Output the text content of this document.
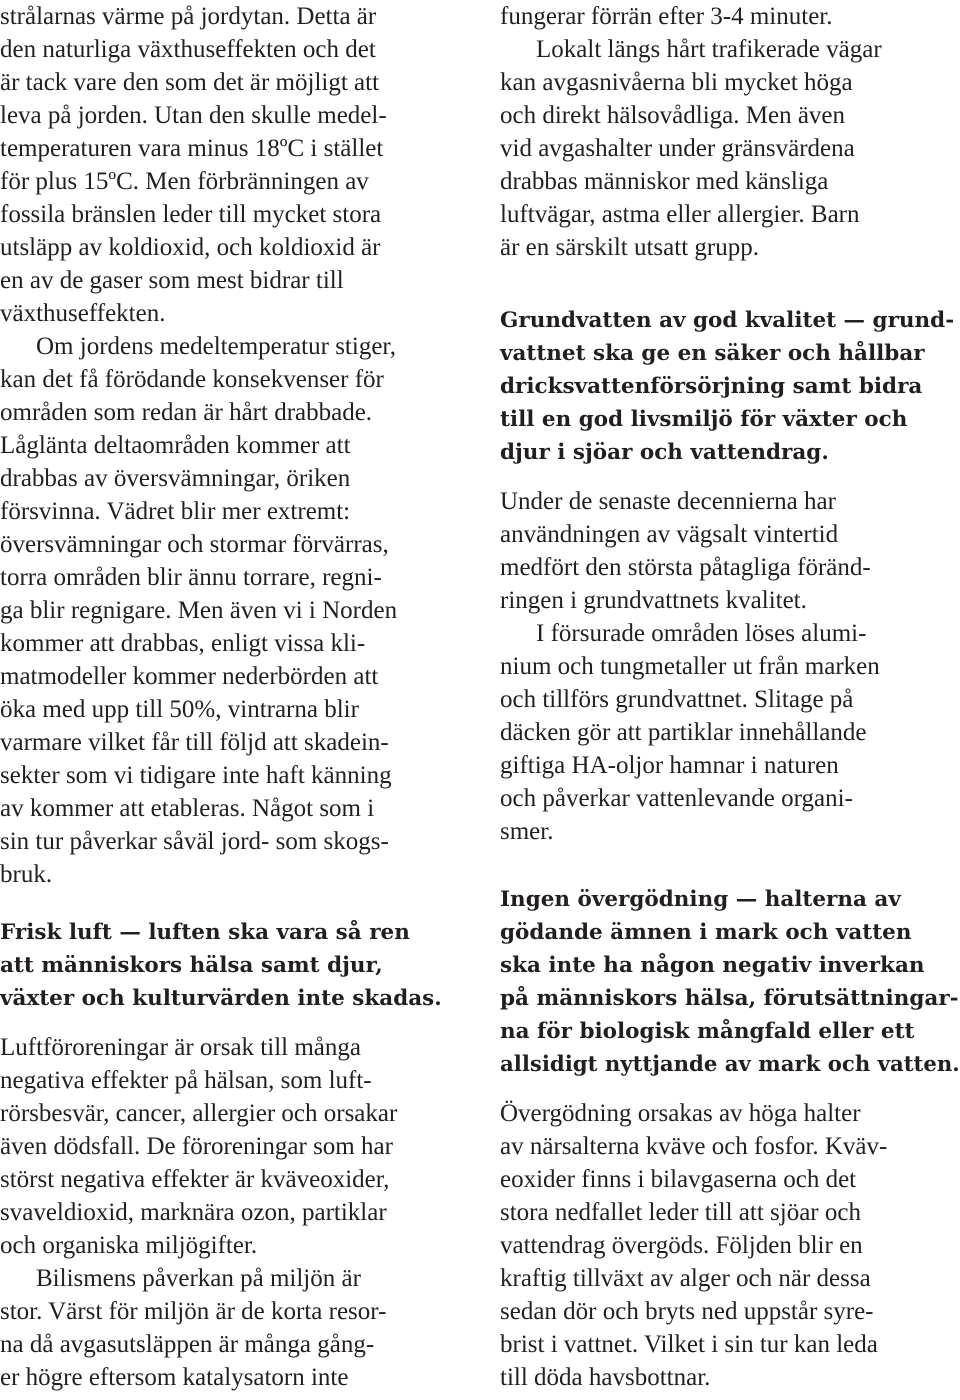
strålarnas värme på jordytan. Detta är
den naturliga växthuseffekten och det
är tack vare den som det är möjligt att
leva på jorden. Utan den skulle medel-
temperaturen vara minus 18ºC i stället
för plus 15ºC. Men förbränningen av
fossila bränslen leder till mycket stora
utsläpp av koldioxid, och koldioxid är
en av de gaser som mest bidrar till
växthuseffekten.
Om jordens medeltemperatur stiger,
kan det få förödande konsekvenser för
områden som redan är hårt drabbade.
Låglänta deltaområden kommer att
drabbas av översvämningar, öriken
försvinna. Vädret blir mer extremt:
översvämningar och stormar förvärras,
torra områden blir ännu torrare, regni-
ga blir regnigare. Men även vi i Norden
kommer att drabbas, enligt vissa kli-
matmodeller kommer nederbörden att
öka med upp till 50%, vintrarna blir
varmare vilket får till följd att skadein-
sekter som vi tidigare inte haft känning
av kommer att etableras. Något som i
sin tur påverkar såväl jord- som skogs-
bruk.
Frisk luft — luften ska vara så ren
att människors hälsa samt djur,
växter och kulturvärden inte skadas.
Luftföroreningar är orsak till många
negativa effekter på hälsan, som luft-
rörsbesvär, cancer, allergier och orsakar
även dödsfall. De föroreningar som har
störst negativa effekter är kväveoxider,
svaveldioxid, marknära ozon, partiklar
och organiska miljögifter.
Bilismens påverkan på miljön är
stor. Värst för miljön är de korta resor-
na då avgasutsläppen är många gång-
er högre eftersom katalysatorn inte
fungerar förrän efter 3-4 minuter.
Lokalt längs hårt trafikerade vägar
kan avgasnivåerna bli mycket höga
och direkt hälsovådliga. Men även
vid avgashalter under gränsvärdena
drabbas människor med känsliga
luftvägar, astma eller allergier. Barn
är en särskilt utsatt grupp.
Grundvatten av god kvalitet — grund-
vattnet ska ge en säker och hållbar
dricksvattenförsörjning samt bidra
till en god livsmiljö för växter och
djur i sjöar och vattendrag.
Under de senaste decennierna har
användningen av vägsalt vintertid
medfört den största påtagliga föränd-
ringen i grundvattnets kvalitet.
I försurade områden löses alumi-
nium och tungmetaller ut från marken
och tillförs grundvattnet. Slitage på
däcken gör att partiklar innehållande
giftiga HA-oljor hamnar i naturen
och påverkar vattenlevande organi-
smer.
Ingen övergödning — halterna av
gödande ämnen i mark och vatten
ska inte ha någon negativ inverkan
på människors hälsa, förutsättningar-
na för biologisk mångfald eller ett
allsidigt nyttjande av mark och vatten.
Övergödning orsakas av höga halter
av närsalterna kväve och fosfor. Kväv-
eoxider finns i bilavgaserna och det
stora nedfallet leder till att sjöar och
vattendrag övergöds. Följden blir en
kraftig tillväxt av alger och när dessa
sedan dör och bryts ned uppstår syre-
brist i vattnet. Vilket i sin tur kan leda
till döda havsbottnar.
